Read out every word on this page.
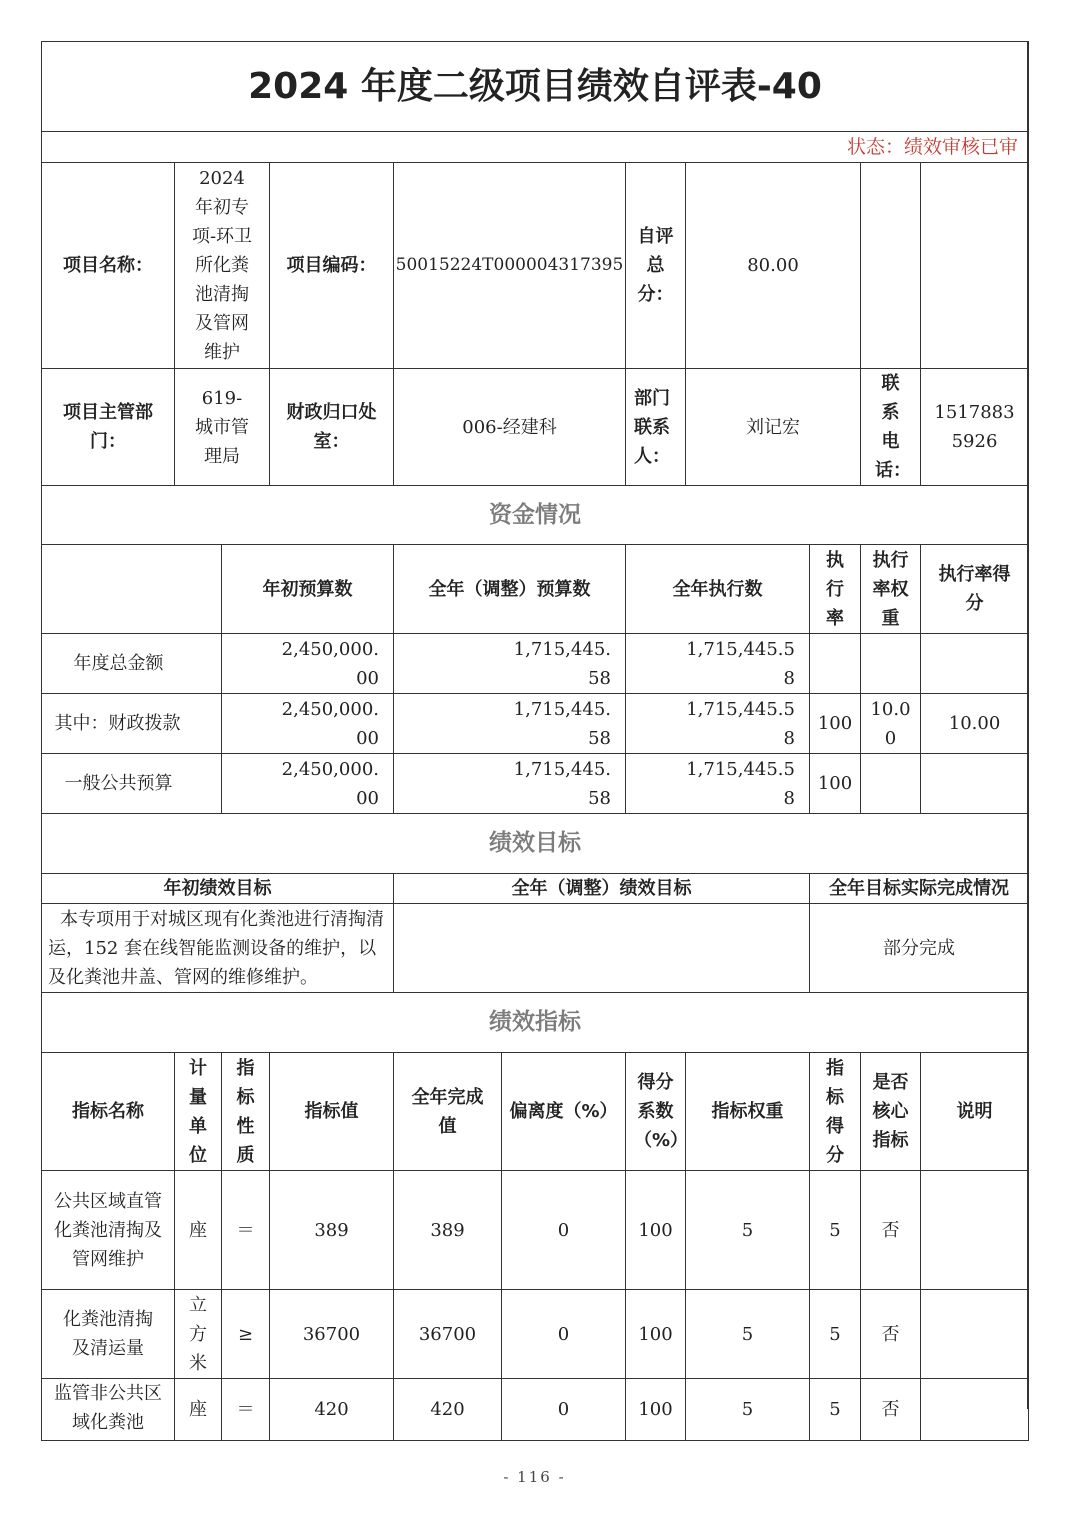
2024 年度二级项目绩效自评表-40										
状态：绩效审核已审										
项目名称：	2024 年初专项-环卫所化粪池清掏及管网维护		项目编码：	50015224T000004317395		自评总分：	80.00			
项目主管部门：	619-城市管理局		财政归口处室：	006-经建科		部门联系人：	刘记宏		联系电话：	15178835926
资金情况										
		年初预算数		全年（调整）预算数		全年执行数		执行率	执行率权重	执行率得分
年度总金额		2,450,000.00		1,715,445.58		1,715,445.58				
其中：财政拨款		2,450,000.00		1,715,445.58		1,715,445.58		100	10.00	10.00
一般公共预算		2,450,000.00		1,715,445.58		1,715,445.58		100		
绩效目标										
年初绩效目标				全年（调整）绩效目标				全年目标实际完成情况		
本专项用于对城区现有化粪池进行清掏清运，152 套在线智能监测设备的维护，以及化粪池井盖、管网的维修维护。								部分完成		
绩效指标										
指标名称	计量单位	指标性质	指标值	全年完成值	偏离度（%）	得分系数（%）	指标权重	指标得分	是否核心指标	说明
公共区域直管化粪池清掏及管网维护	座	＝	389	389	0	100	5	5	否	
化粪池清掏及清运量	立方米	≥	36700	36700	0	100	5	5	否	
监管非公共区域化粪池	座	＝	420	420	0	100	5	5	否	
- 116 -
